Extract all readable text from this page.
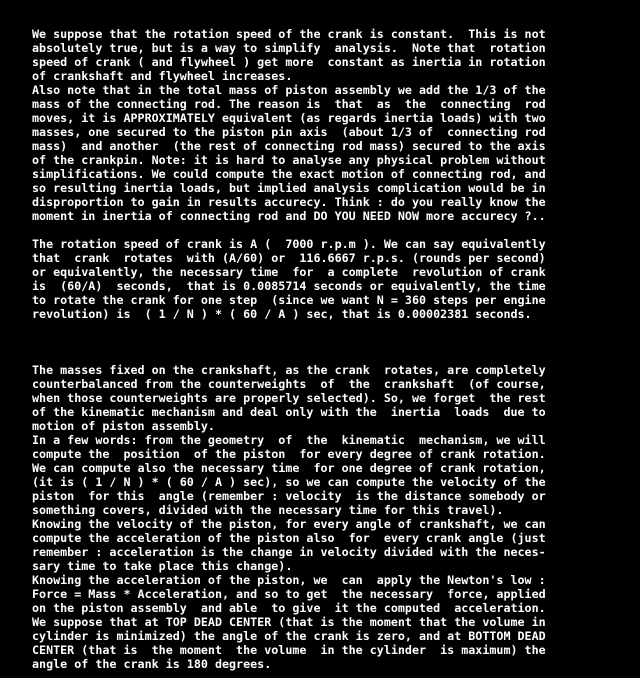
We suppose that the rotation speed of the crank is constant.  This is not
absolutely true, but is a way to simplify  analysis.  Note that  rotation
speed of crank ( and flywheel ) get more  constant as inertia in rotation
of crankshaft and flywheel increases.
Also note that in the total mass of piston assembly we add the 1/3 of the
mass of the connecting rod. The reason is  that  as  the  connecting  rod
moves, it is APPROXIMATELY equivalent (as regards inertia loads) with two
masses, one secured to the piston pin axis  (about 1/3 of  connecting rod
mass)  and another  (the rest of connecting rod mass) secured to the axis
of the crankpin. Note: it is hard to analyse any physical problem without
simplifications. We could compute the exact motion of connecting rod, and
so resulting inertia loads, but implied analysis complication would be in
disproportion to gain in results accurecy. Think : do you really know the
moment in inertia of connecting rod and DO YOU NEED NOW more accurecy ?..
The rotation speed of crank is A (  7000 r.p.m ). We can say equivalently
that  crank  rotates  with (A/60) or  116.6667 r.p.s. (rounds per second)
or equivalently, the necessary time  for  a complete  revolution of crank
is  (60/A)  seconds,  that is 0.0085714 seconds or equivalently, the time
to rotate the crank for one step  (since we want N = 360 steps per engine
revolution) is  ( 1 / N ) * ( 60 / A ) sec, that is 0.00002381 seconds.
The masses fixed on the crankshaft, as the crank  rotates, are completely
counterbalanced from the counterweights  of  the  crankshaft  (of course,
when those counterweights are properly selected). So, we forget  the rest
of the kinematic mechanism and deal only with the  inertia  loads  due to
motion of piston assembly.
In a few words: from the geometry  of  the  kinematic  mechanism, we will
compute the  position  of the piston  for every degree of crank rotation.
We can compute also the necessary time  for one degree of crank rotation,
(it is ( 1 / N ) * ( 60 / A ) sec), so we can compute the velocity of the
piston  for this  angle (remember : velocity  is the distance somebody or
something covers, divided with the necessary time for this travel).
Knowing the velocity of the piston, for every angle of crankshaft, we can
compute the acceleration of the piston also  for  every crank angle (just
remember : acceleration is the change in velocity divided with the neces-
sary time to take place this change).
Knowing the acceleration of the piston, we  can  apply the Newton's low :
Force = Mass * Acceleration, and so to get  the necessary  force, applied
on the piston assembly  and able  to give  it the computed  acceleration.
We suppose that at TOP DEAD CENTER (that is the moment that the volume in
cylinder is minimized) the angle of the crank is zero, and at BOTTOM DEAD
CENTER (that is  the moment  the volume  in the cylinder  is maximum) the
angle of the crank is 180 degrees.
